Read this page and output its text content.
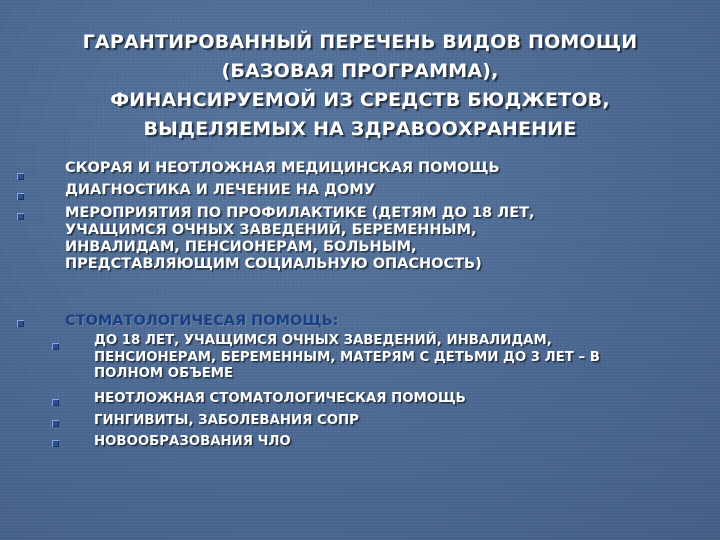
ГАРАНТИРОВАННЫЙ ПЕРЕЧЕНЬ ВИДОВ ПОМОЩИ
(БАЗОВАЯ ПРОГРАММА),
ФИНАНСИРУЕМОЙ ИЗ СРЕДСТВ БЮДЖЕТОВ,
ВЫДЕЛЯЕМЫХ НА ЗДРАВООХРАНЕНИЕ
СКОРАЯ И НЕОТЛОЖНАЯ МЕДИЦИНСКАЯ ПОМОЩЬ
ДИАГНОСТИКА И ЛЕЧЕНИЕ НА ДОМУ
МЕРОПРИЯТИЯ ПО ПРОФИЛАКТИКЕ (ДЕТЯМ ДО 18 ЛЕТ,
УЧАЩИМСЯ ОЧНЫХ ЗАВЕДЕНИЙ, БЕРЕМЕННЫМ,
ИНВАЛИДАМ, ПЕНСИОНЕРАМ, БОЛЬНЫМ,
ПРЕДСТАВЛЯЮЩИМ СОЦИАЛЬНУЮ ОПАСНОСТЬ)
СТОМАТОЛОГИЧЕСАЯ ПОМОЩЬ:
ДО 18 ЛЕТ, УЧАЩИМСЯ ОЧНЫХ ЗАВЕДЕНИЙ, ИНВАЛИДАМ,
ПЕНСИОНЕРАМ, БЕРЕМЕННЫМ, МАТЕРЯМ С ДЕТЬМИ ДО 3 ЛЕТ – В
ПОЛНОМ ОБЪЕМЕ
НЕОТЛОЖНАЯ СТОМАТОЛОГИЧЕСКАЯ ПОМОЩЬ
ГИНГИВИТЫ, ЗАБОЛЕВАНИЯ СОПР
НОВООБРАЗОВАНИЯ ЧЛО
